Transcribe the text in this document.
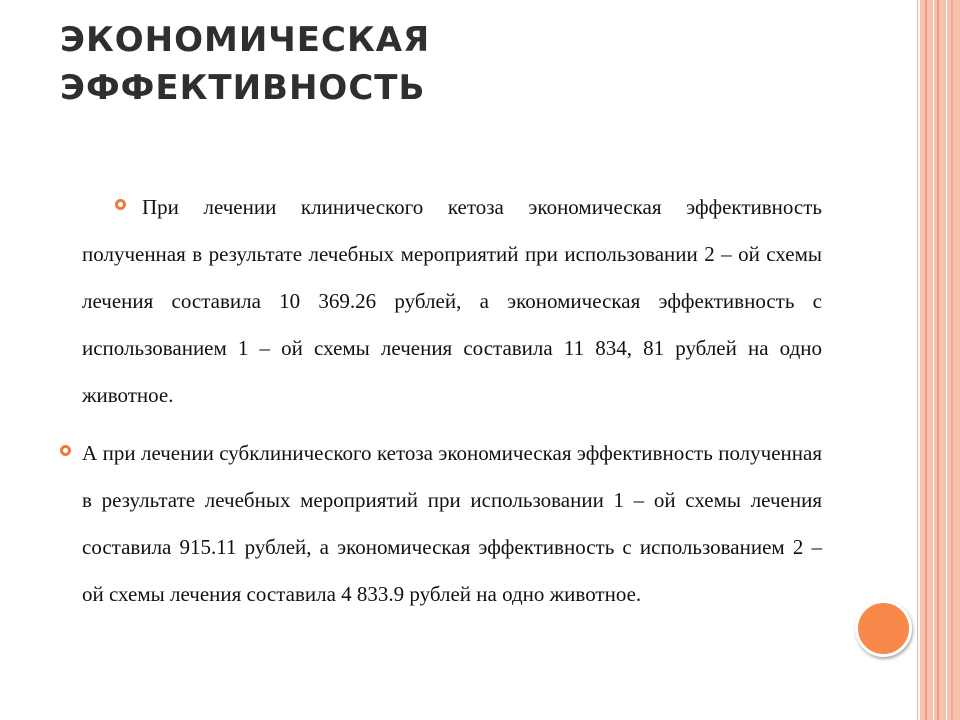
ЭКОНОМИЧЕСКАЯ
ЭФФЕКТИВНОСТЬ

При лечении клинического кетоза экономическая эффективность полученная в результате лечебных мероприятий при использовании 2 – ой схемы лечения составила 10 369.26 рублей, а экономическая эффективность с использованием 1 – ой схемы лечения составила 11 834, 81 рублей на одно животное.

А при лечении субклинического кетоза экономическая эффективность полученная в результате лечебных мероприятий при использовании 1 – ой схемы лечения составила 915.11 рублей, а экономическая эффективность с использованием 2 – ой схемы лечения составила 4 833.9 рублей на одно животное.
